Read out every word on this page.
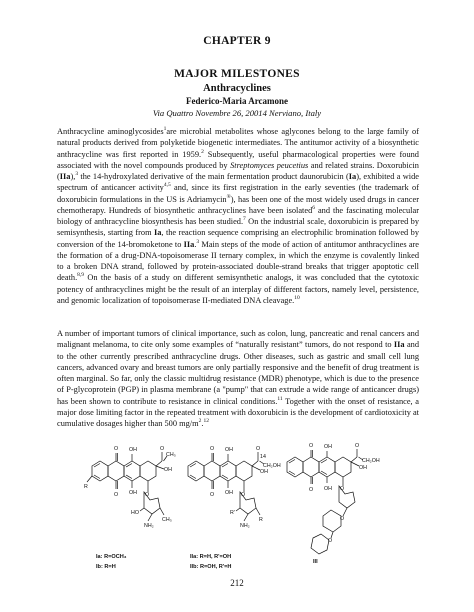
CHAPTER 9
MAJOR MILESTONES
Anthracyclines
Federico-Maria Arcamone
Via Quattro Novembre 26, 20014 Nerviano, Italy
Anthracycline aminoglycosides$^1$are microbial metabolites whose aglycones belong to the large family of natural products derived from polyketide biogenetic intermediates. The antitumor activity of a biosynthetic anthracycline was first reported in 1959.$^2$ Subsequently, useful pharmacological properties were found associated with the novel compounds produced by Streptomyces peucetius and related strains. Doxorubicin (IIa),$^3$ the 14-hydroxylated derivative of the main fermentation product daunorubicin (Ia), exhibited a wide spectrum of anticancer activity$^{4,5}$ and, since its first registration in the early seventies (the trademark of doxorubicin formulations in the US is Adriamycin®), has been one of the most widely used drugs in cancer chemotherapy. Hundreds of biosynthetic anthracyclines have been isolated$^6$ and the fascinating molecular biology of anthracycline biosynthesis has been studied.$^7$ On the industrial scale, doxorubicin is prepared by semisynthesis, starting from Ia, the reaction sequence comprising an electrophilic bromination followed by conversion of the 14-bromoketone to IIa.$^3$ Main steps of the mode of action of antitumor anthracyclines are the formation of a drug-DNA-topoisomerase II ternary complex, in which the enzyme is covalently linked to a broken DNA strand, followed by protein-associated double-strand breaks that trigger apoptotic cell death.$^{8,9}$ On the basis of a study on different semisynthetic analogs, it was concluded that the cytotoxic potency of anthracyclines might be the result of an interplay of different factors, namely level, persistence, and genomic localization of topoisomerase II-mediated DNA cleavage.$^{10}$
A number of important tumors of clinical importance, such as colon, lung, pancreatic and renal cancers and malignant melanoma, to cite only some examples of “naturally resistant” tumors, do not respond to IIa and to the other currently prescribed anthracycline drugs. Other diseases, such as gastric and small cell lung cancers, advanced ovary and breast tumors are only partially responsive and the benefit of drug treatment is often marginal. So far, only the classic multidrug resistance (MDR) phenotype, which is due to the presence of P-glycoprotein (PGP) in plasma membrane (a "pump" that can extrude a wide range of anticancer drugs) has been shown to contribute to resistance in clinical conditions.$^{11}$ Together with the onset of resistance, a major dose limiting factor in the repeated treatment with doxorubicin is the development of cardiotoxicity at cumulative dosages higher than 500 $mg/m^2.^{12}$
O OH
O OH
R
O
CH₃
OH
O
NH₂
CH₃
HO
Ia: R=OCH₃
Ib: R=H
O OH
O OH
O
14
CH₂OH
OH
O
NH₂
R
R'
IIa: R=H, R'=OH
IIb: R=OH, R'=H
O OH
O OH
O
CH₂OH
OH
O
O
O
III
212
